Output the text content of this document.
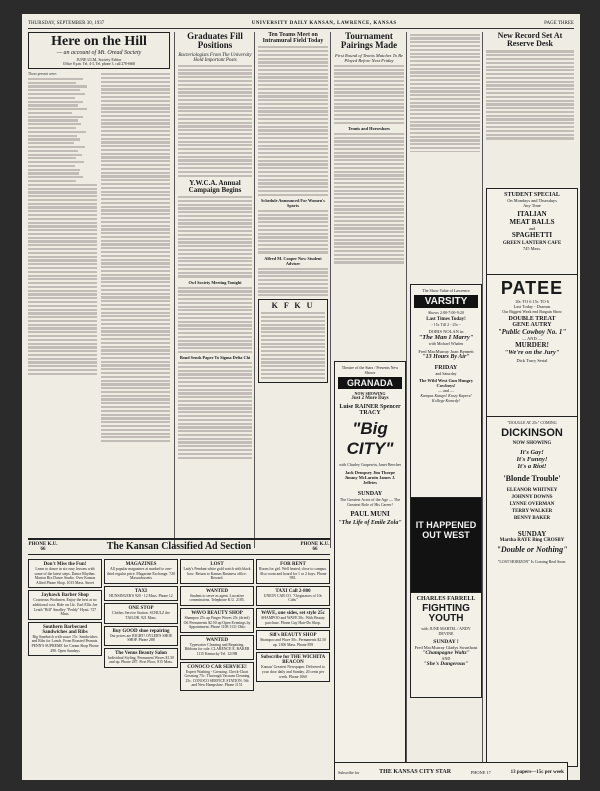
THURSDAY, SEPTEMBER 30, 1937	UNIVERSITY DAILY KANSAN, LAWRENCE, KANSAS	PAGE THREE
Here on the Hill
— an account of Mt. Oread Society
JUNE ULM, Society Editor
Office 8 p.m. Tel. 4-3, Tel. phone 3. call 278-6668
Those present were:
Graduates Fill Positions
Bacteriologists From The University Hold Important Posts
Y.W.C.A. Annual Campaign Begins
Owl Society Meeting Tonight
Bond Sends Paper To Sigma Delta Chi
Ten Teams Meet on Intramural Field Today
Schedule Announced For Women's Sports
Alfred M. Cooper Now Student Adviser
K F K U
Tournament Pairings Made
First Round of Tennis Matches To Be Played Before Next Friday
Tennis and Horseshoes
Theatre of the Stars / Presents New Shows
GRANADA
NOW SHOWING
Just 2 More Days
Luise RAINER Spencer TRACY
"Big CITY"
with Charley Grapewin, Janet Beecher
Jack Dempsey Jim Thorpe Jimmy McLarnin James J. Jeffries
SUNDAY
The Greatest Actor of the Age — The Greatest Role of His Career!
PAUL MUNI
"The Life of Emile Zola"
The Show Value of Lawrence
VARSITY
Shows 2:00-7:00-9:20
Last Times Today!
- 15c Till 2 - 25c -
DORIS NOLAN in
"The Man I Marry"
with Michael Whalen
Fred MacMurray Joan Bennett
"13 Hours By Air"
FRIDAY
and Saturday
The Wild West Gun Hungry Cowboys!
— and —
Kampus Kutups! Krazy Kapers! Kollege Komedy!
IT HAPPENED OUT WEST
CHARLES FARRELL
FIGHTING YOUTH
with JUNE MARTEL / ANDY DEVINE
SUNDAY !
Fred MacMurray Gladys Swarthout
"Champagne Waltz"
AND
"She's Dangerous"
New Record Set At Reserve Desk
STUDENT SPECIAL
On Mondays and Thursdays
Any Time
ITALIAN
MEAT BALLS
and
SPAGHETTI
GREEN LANTERN CAFE
745 Mass.
PATEE
10c TO 6 15c TO 6
Last Today - Dramas
Our Biggest Weak end Bargain Show
DOUBLE TREAT
GENE AUTRY
"Public Cowboy No. 1"
— AND —
MURDER!
"We're on the Jury"
Dick Tracy Serial
"DOUGLE AT 25c" COMING
DICKINSON
NOW SHOWING
It's Gay!
It's Funny!
It's a Riot!
'Blonde Trouble'
ELEANOR WHITNEY
JOHNNY DOWNS
LYNNE OVERMAN
TERRY WALKER
BENNY BAKER
SUNDAY
Martha RAYE Bing CROSBY
"Double or Nothing"
"LOST HORIZON" Is Coming Real Soon.
PHONE K.U. 66	The Kansan Classified Ad Section	PHONE K.U. 66
Don't Miss the Fun!
Learn to dance in six easy lessons with some of the latest steps. Dance Rhythm. Marion Rix Dance Studio. Over Kansas Allied Phone Shop. 1015 Mass. Street
Jayhawk Barber Shop
Courteous Workmen. Enjoy the best at no additional cost. Ride on 14c. Earl Ellis Joe Leath "Bill" Smalley "Peddy" Hyatt. 727 Mass.
Southern Barbecued Sandwiches and Ribs
Big Sandwich with sauce 15c. Sandwiches and Ribs for Lunch. From Roasted Peanuts. PENN'S SUPREME Ice Cream Shop Phone 490. Open Sundays
MAGAZINES
All popular magazines at marked to one-third regular price. Magazine Exchange. 720 Massachusetts
TAXI
HUNSINGER'S 920 - 12 Mass. Phone 12
ONE STOP
Clothes Service Station. SCHULZ the TAILOR. 921 Mass.
Buy GOOD shoe repairing
Our prices are RIGHT! OYLER'S SHOE SHOP. Phone 288
The Venus Beauty Salon
Individual Styling. Permanent Waves $1.50 and up. Phone 287. First Floor, 815 Mass.
LOST
Lady's Pendant white gold watch with black bow. Return to Kansas Business office. Reward.
WANTED
Student to serve as agent. Lucrative commissions. Telephone K.U. 2185.
WAVO BEAUTY SHOP
Shampoo 25c up Finger Waves 25c (dried) Oil Permanents $2.50 up Open Evenings by Appointment. Phone 1108 1131 Ohio
WANTED
Typewriter Cleaning and Repairing. Ribbons for sale. CLARENCE E. BAKER 1115 Kentucky Tel. 1219R
CONOCO CAR SERVICE!
Expert Washing - Greasing. Check-Chart Greasing 75c. Thorough Vacuum Cleaning 25c. CONOCO SERVICE STATION. 9th and New Hampshire. Phone 1151
FOR RENT
Room for girl. Well heated, close to campus. Also room and board for 1 or 2 boys. Phone 981.
TAXI Call 2-800
UNION CAB CO. "Originators of 10c Cabs"
WAVE, one sides, set style 25c
SHAMPOO and WAVE 50c. With Beauty purchase. Phone Gay Hair-Do Shop.
Sill's BEAUTY SHOP
Shampoo and Wave 50c. Permanents $2.50 up. 1306 Mass. Phone 859
Subscribe for THE WICHITA BEACON
Kansas' Greatest Newspaper. Delivered to your door daily and Sunday. 20 cents per week. Phone 1060
Subscribe for	THE KANSAS CITY STAR	PHONE 17	13 papers—15c per week
